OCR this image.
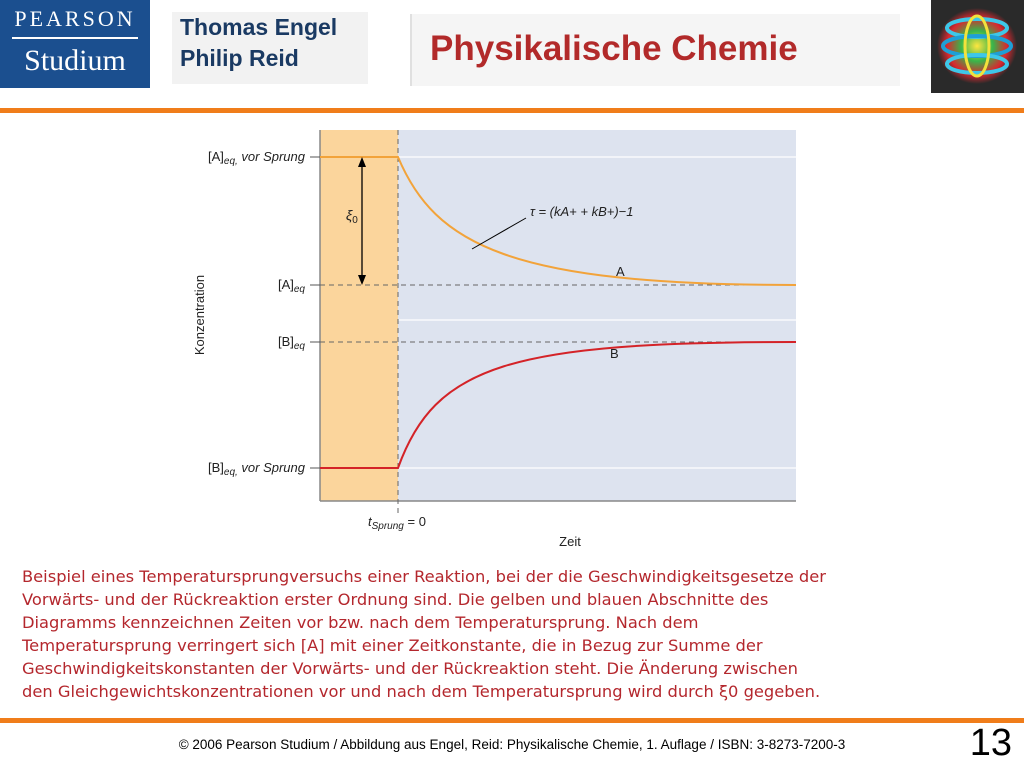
PEARSON
Studium
Thomas Engel
Philip Reid	Physikalische Chemie
$[A]_{eq,}$ vor Sprung
$[A]_{eq}$
$[B]_{eq}$
$[B]_{eq,}$ vor Sprung
Konzentration
$\xi_0$
τ = (kA+ + kB+)−1
A
B
$t_{Sprung} = 0$
Zeit

Beispiel eines Temperatursprungversuchs einer Reaktion, bei der die Geschwindigkeitsgesetze der

Vorwärts- und der Rückreaktion erster Ordnung sind. Die gelben und blauen Abschnitte des

Diagramms kennzeichnen Zeiten vor bzw. nach dem Temperatursprung. Nach dem

Temperatursprung verringert sich [A] mit einer Zeitkonstante, die in Bezug zur Summe der

Geschwindigkeitskonstanten der Vorwärts- und der Rückreaktion steht. Die Änderung zwischen

den Gleichgewichtskonzentrationen vor und nach dem Temperatursprung wird durch ξ0 gegeben.

© 2006 Pearson Studium / Abbildung aus Engel, Reid: Physikalische Chemie, 1. Auflage / ISBN: 3-8273-7200-3	13
